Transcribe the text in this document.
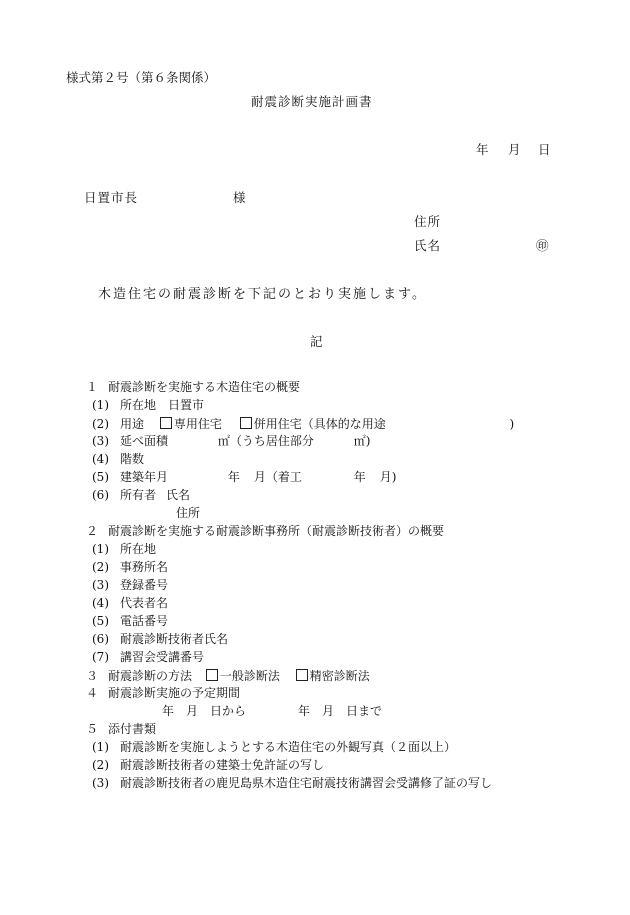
様式第２号（第６条関係）
耐震診断実施計画書
年 月 日
日置市長	様
住所
氏名	㊞
木造住宅の耐震診断を下記のとおり実施します。
記
１ 耐震診断を実施する木造住宅の概要
(1) 所在地 日置市
(2) 用途 専用住宅	併用住宅（具体的な用途	)
(3) 延べ面積	㎡（うち居住部分	㎡)
(4) 階数
(5) 建築年月	年 月（着工	年 月)
(6) 所有者 氏名
住所
２ 耐震診断を実施する耐震診断事務所（耐震診断技術者）の概要
(1) 所在地
(2) 事務所名
(3) 登録番号
(4) 代表者名
(5) 電話番号
(6) 耐震診断技術者氏名
(7) 講習会受講番号
３ 耐震診断の方法 一般診断法 精密診断法
４ 耐震診断実施の予定期間
年　月　日から	年　月　日まで
５ 添付書類
(1) 耐震診断を実施しようとする木造住宅の外観写真（２面以上）
(2) 耐震診断技術者の建築士免許証の写し
(3) 耐震診断技術者の鹿児島県木造住宅耐震技術講習会受講修了証の写し
